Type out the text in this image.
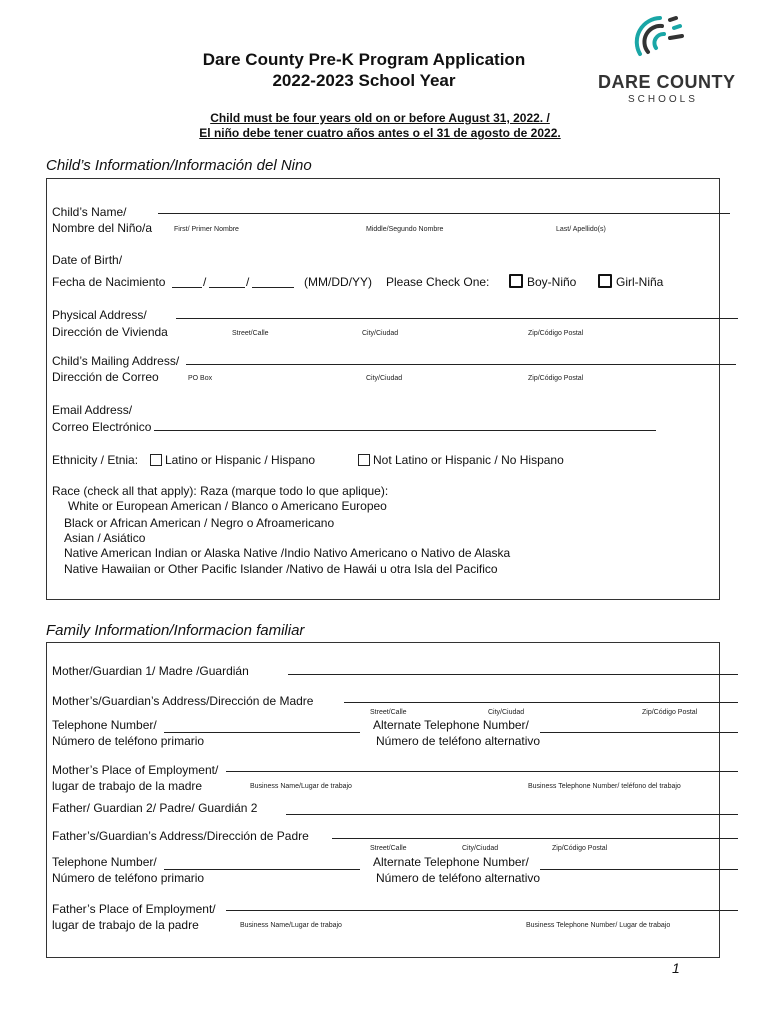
Dare County Pre-K Program Application
2022-2023 School Year	DARE COUNTY
SCHOOLS
Child must be four years old on or before August 31, 2022. /
El niño debe tener cuatro años antes o el 31 de agosto de 2022.
Child’s Information/Información del Nino
Child’s Name/
Nombre del Niño/a	First/ Primer Nombre	Middle/Segundo Nombre	Last/ Apellido(s)
Date of Birth/
Fecha de Nacimiento	/	/	(MM/DD/YY) Please Check One:	Boy-Niño	Girl-Niña
Physical Address/
Dirección de Vivienda	Street/Calle	City/Ciudad	Zip/Código Postal
Child’s Mailing Address/
Dirección de Correo	PO Box	City/Ciudad	Zip/Código Postal
Email Address/
Correo Electrónico
Ethnicity / Etnia: Latino or Hispanic / Hispano	Not Latino or Hispanic / No Hispano
Race (check all that apply): Raza (marque todo lo que aplique):
White or European American / Blanco o Americano Europeo
Black or African American / Negro o Afroamericano
Asian / Asiático
Native American Indian or Alaska Native /Indio Nativo Americano o Nativo de Alaska
Native Hawaiian or Other Pacific Islander /Nativo de Hawái u otra Isla del Pacifico
Family Information/Informacion familiar
Mother/Guardian 1/ Madre /Guardián
Mother’s/Guardian’s Address/Dirección de Madre
Street/Calle	City/Ciudad	Zip/Código Postal
Telephone Number/
Número de teléfono primario
Alternate Telephone Number/
Número de teléfono alternativo
Mother’s Place of Employment/
lugar de trabajo de la madre	Business Name/Lugar de trabajo	Business Telephone Number/ teléfono del trabajo
Father/ Guardian 2/ Padre/ Guardián 2
Father’s/Guardian’s Address/Dirección de Padre
Street/Calle	City/Ciudad	Zip/Código Postal
Telephone Number/
Número de teléfono primario
Alternate Telephone Number/
Número de teléfono alternativo
Father’s Place of Employment/
lugar de trabajo de la padre	Business Name/Lugar de trabajo	Business Telephone Number/ Lugar de trabajo
1
